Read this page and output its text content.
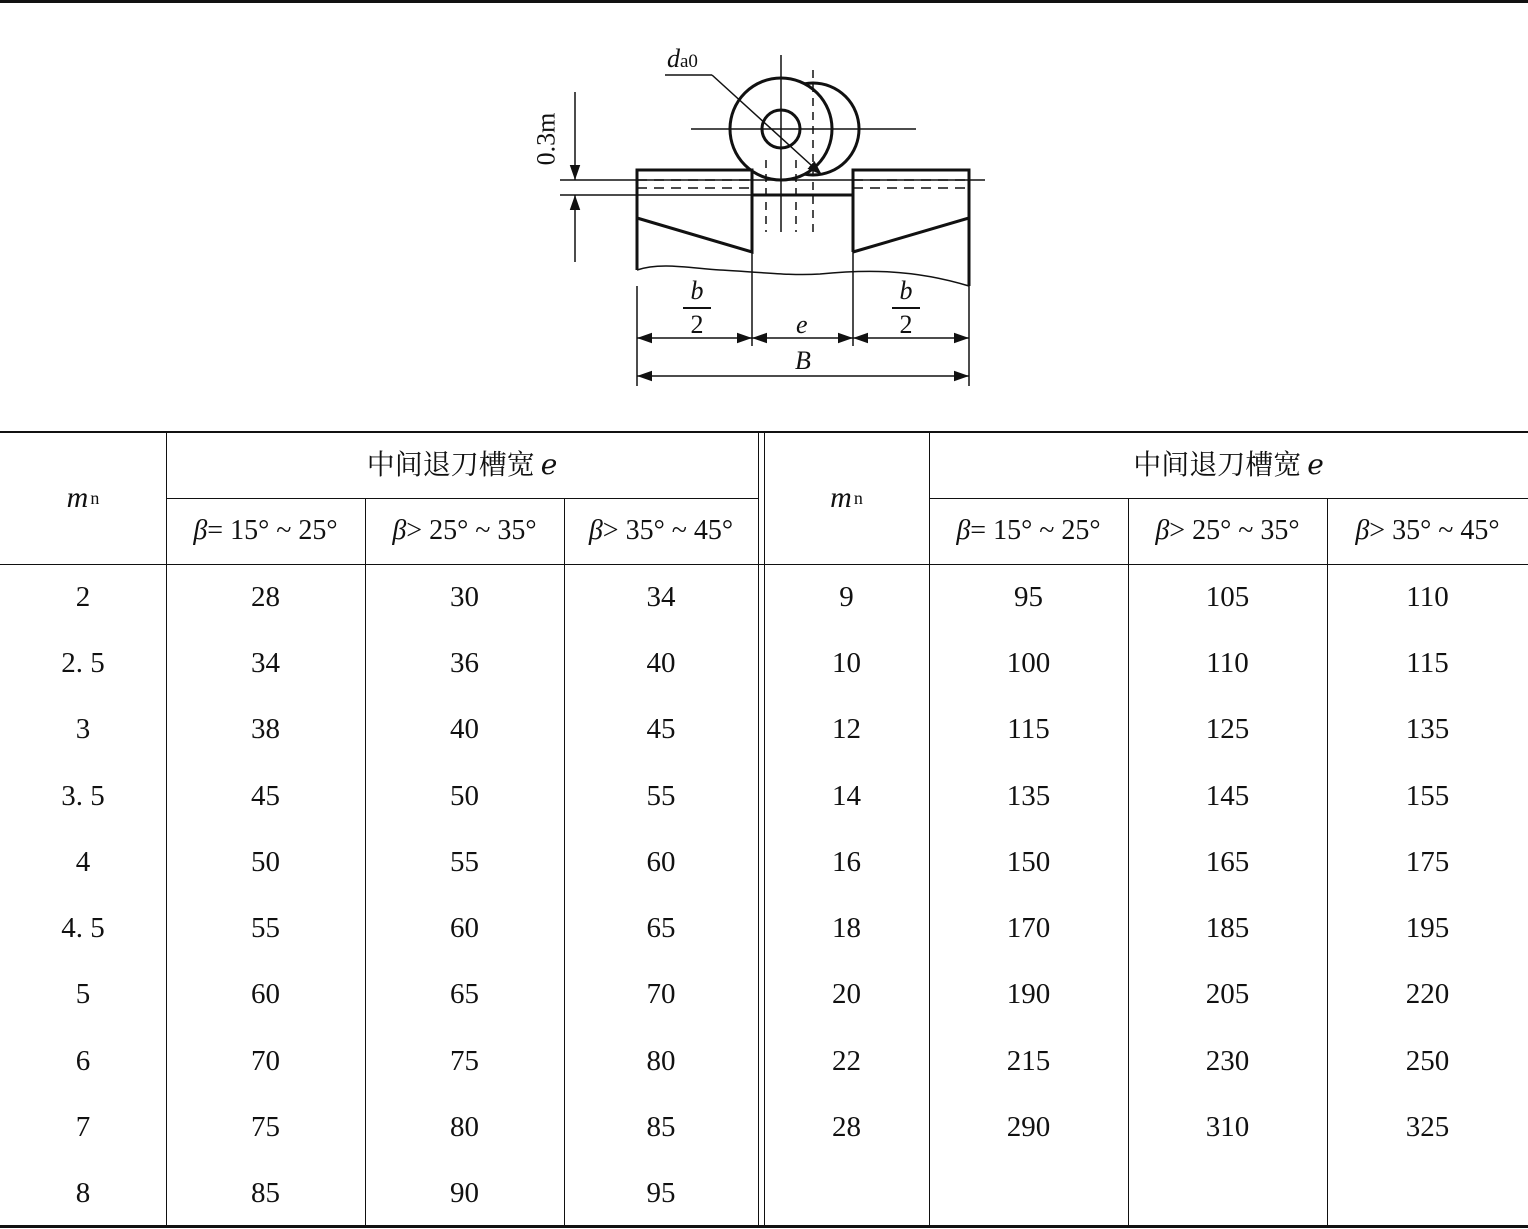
da0
0.3m
b
2	e
b
2
B
m n
中间退刀槽宽 e
β = 15° ~ 25° β > 25° ~ 35° β > 35° ~ 45°
m n
中间退刀槽宽 e
β = 15° ~ 25° β > 25° ~ 35° β > 35° ~ 45°
2	28	30	34
2. 5	34	36	40
3	38	40	45
3. 5	45	50	55
4	50	55	60
4. 5	55	60	65
5	60	65	70
6	70	75	80
7	75	80	85
8	85	90	95
9	95	105	110
10	100	110	115
12	115	125	135
14	135	145	155
16	150	165	175
18	170	185	195
20	190	205	220
22	215	230	250
28	290	310	325
